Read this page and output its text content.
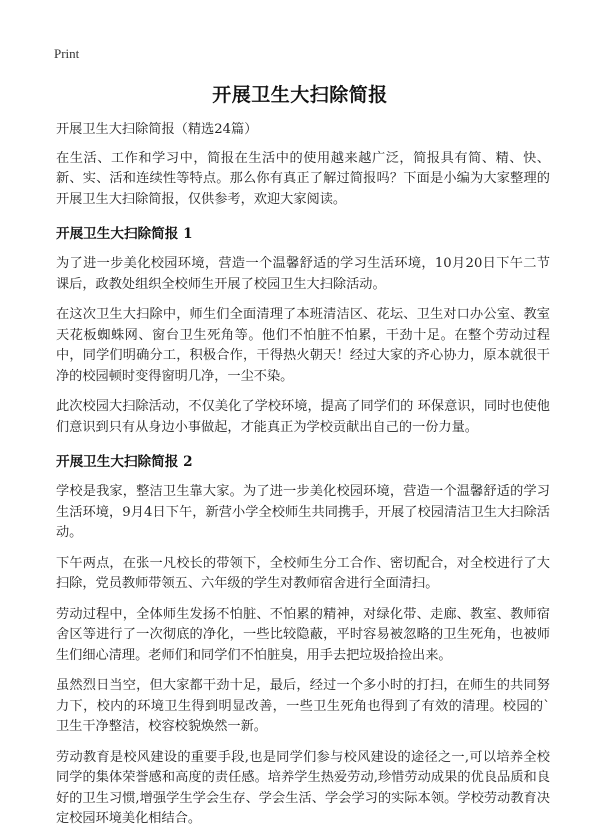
Print
开展卫生大扫除简报

开展卫生大扫除简报（精选24篇）

在生活、工作和学习中，简报在生活中的使用越来越广泛，简报具有简、精、快、新、实、活和连续性等特点。那么你有真正了解过简报吗？下面是小编为大家整理的开展卫生大扫除简报，仅供参考，欢迎大家阅读。

开展卫生大扫除简报 1

为了进一步美化校园环境，营造一个温馨舒适的学习生活环境，10月20日下午二节课后，政教处组织全校师生开展了校园卫生大扫除活动。

在这次卫生大扫除中，师生们全面清理了本班清洁区、花坛、卫生对口办公室、教室天花板蜘蛛网、窗台卫生死角等。他们不怕脏不怕累，干劲十足。在整个劳动过程中，同学们明确分工，积极合作，干得热火朝天！经过大家的齐心协力，原本就很干净的校园顿时变得窗明几净，一尘不染。

此次校园大扫除活动，不仅美化了学校环境，提高了同学们的 环保意识，同时也使他们意识到只有从身边小事做起，才能真正为学校贡献出自己的一份力量。

开展卫生大扫除简报 2

学校是我家，整洁卫生靠大家。为了进一步美化校园环境，营造一个温馨舒适的学习生活环境，9月4日下午，新营小学全校师生共同携手，开展了校园清洁卫生大扫除活动。

下午两点，在张一凡校长的带领下，全校师生分工合作、密切配合，对全校进行了大扫除，党员教师带领五、六年级的学生对教师宿舍进行全面清扫。

劳动过程中，全体师生发扬不怕脏、不怕累的精神，对绿化带、走廊、教室、教师宿舍区等进行了一次彻底的净化，一些比较隐蔽，平时容易被忽略的卫生死角，也被师生们细心清理。老师们和同学们不怕脏臭，用手去把垃圾拾捡出来。

虽然烈日当空，但大家都干劲十足，最后，经过一个多小时的打扫，在师生的共同努力下，校内的环境卫生得到明显改善，一些卫生死角也得到了有效的清理。校园的`卫生干净整洁，校容校貌焕然一新。

劳动教育是校风建设的重要手段,也是同学们参与校风建设的途径之一,可以培养全校同学的集体荣誉感和高度的责任感。培养学生热爱劳动,珍惜劳动成果的优良品质和良好的卫生习惯,增强学生学会生存、学会生活、学会学习的实际本领。学校劳动教育决定校园环境美化相结合。
